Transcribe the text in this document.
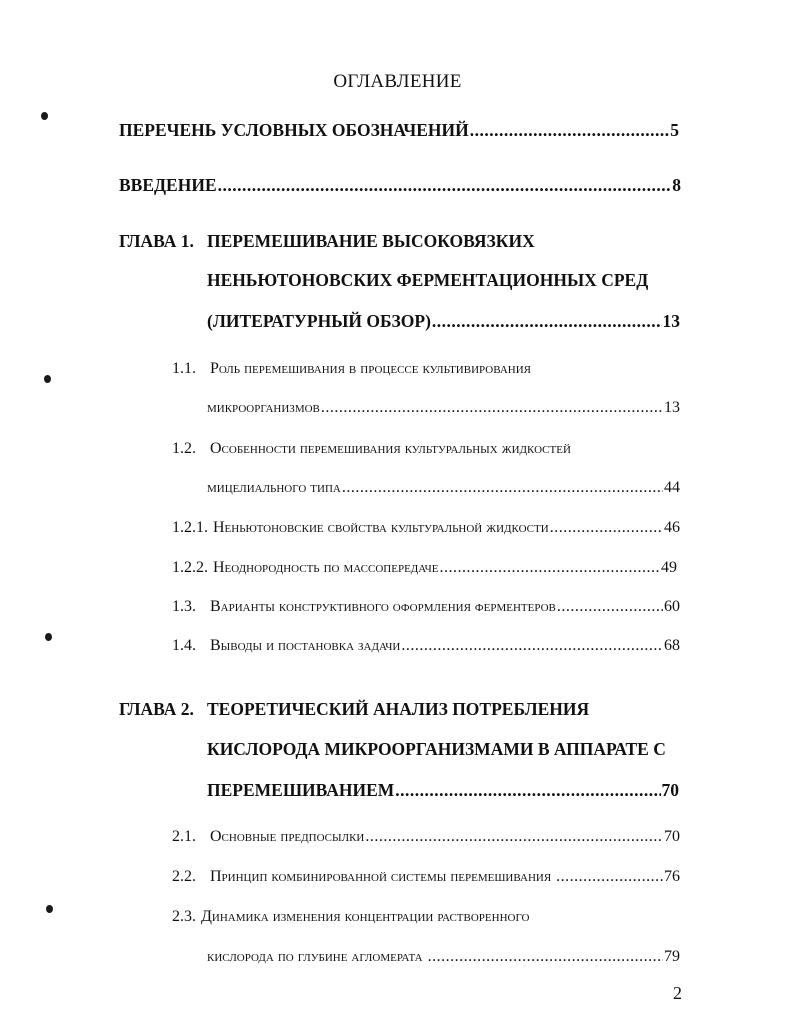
ОГЛАВЛЕНИЕ
ПЕРЕЧЕНЬ УСЛОВНЫХ ОБОЗНАЧЕНИЙ .....	5
ВВЕДЕНИЕ .....	8
ГЛАВА 1. ПЕРЕМЕШИВАНИЕ ВЫСОКОВЯЗКИХ
НЕНЬЮТОНОВСКИХ ФЕРМЕНТАЦИОННЫХ СРЕД
(ЛИТЕРАТУРНЫЙ ОБЗОР) .....	13
1.1. Роль перемешивания в процессе культивирования
микроорганизмов .....	13
1.2. Особенности перемешивания культуральных жидкостей
мицелиального типа .....	44
1.2.1. Неньютоновские свойства культуральной жидкости .....	46
1.2.2. Неоднородность по массопередаче .....	49
1.3. Варианты конструктивного оформления ферментеров .....	60
1.4. Выводы и постановка задачи .....	68
ГЛАВА 2. ТЕОРЕТИЧЕСКИЙ АНАЛИЗ ПОТРЕБЛЕНИЯ
КИСЛОРОДА МИКРООРГАНИЗМАМИ В АППАРАТЕ С
ПЕРЕМЕШИВАНИЕМ .....	70
2.1. Основные предпосылки .....	70
2.2. Принцип комбинированной системы перемешивания .....	76
2.3. Динамика изменения концентрации растворенного
кислорода по глубине агломерата .....	79
2
